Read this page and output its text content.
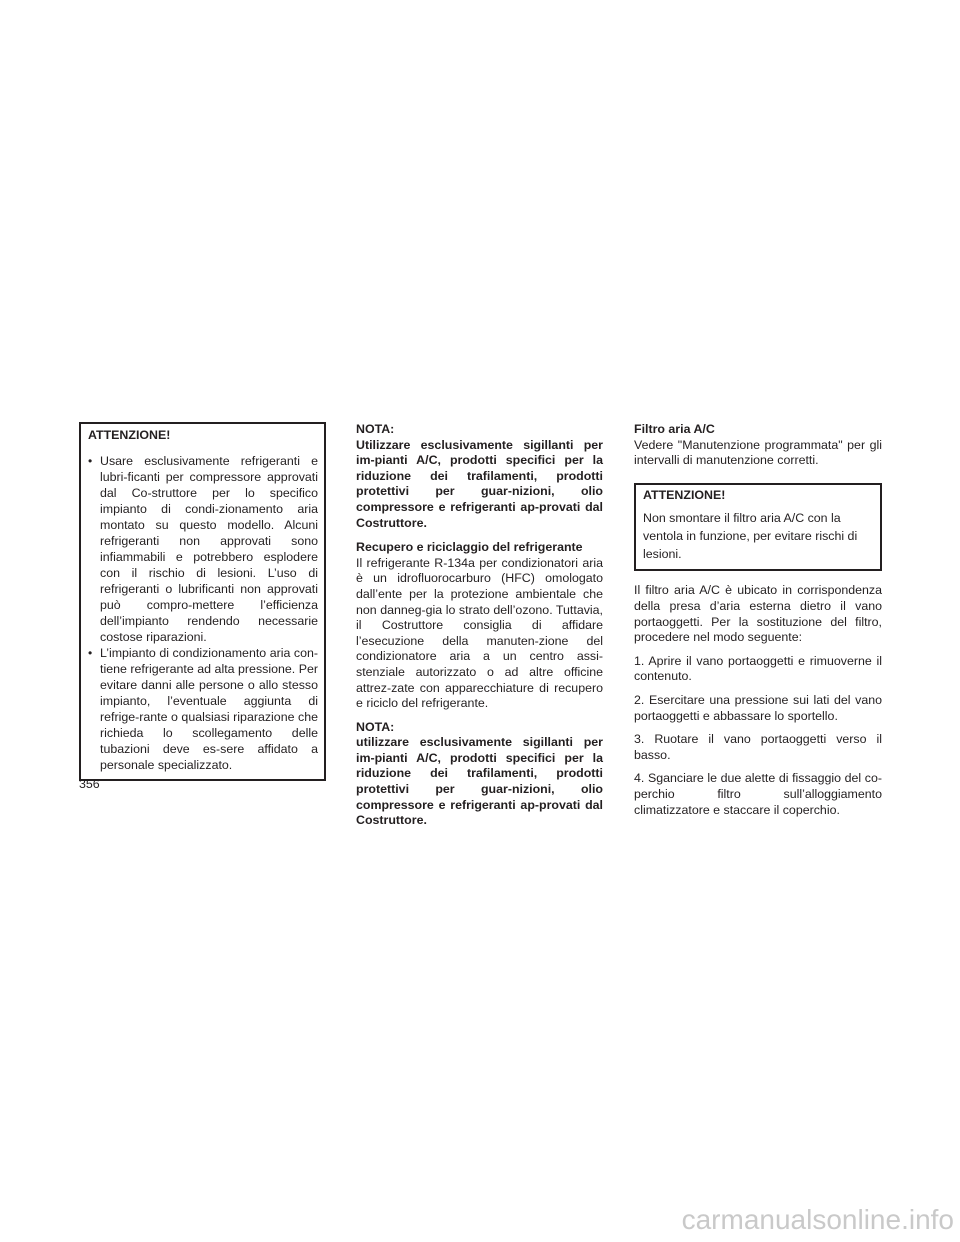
ATTENZIONE!

• Usare esclusivamente refrigeranti e lubri-ficanti per compressore approvati dal Co-struttore per lo specifico impianto di condi-zionamento aria montato su questo modello. Alcuni refrigeranti non approvati sono infiammabili e potrebbero esplodere con il rischio di lesioni. L’uso di refrigeranti o lubrificanti non approvati può compro-mettere l’efficienza dell’impianto rendendo necessarie costose riparazioni.
• L’impianto di condizionamento aria con-tiene refrigerante ad alta pressione. Per evitare danni alle persone o allo stesso impianto, l’eventuale aggiunta di refrige-rante o qualsiasi riparazione che richieda lo scollegamento delle tubazioni deve es-sere affidato a personale specializzato.

NOTA:

Utilizzare esclusivamente sigillanti per im-pianti A/C, prodotti specifici per la riduzione dei trafilamenti, prodotti protettivi per guar-nizioni, olio compressore e refrigeranti ap-provati dal Costruttore.

Recupero e riciclaggio del refrigerante

Il refrigerante R-134a per condizionatori aria è un idrofluorocarburo (HFC) omologato dall’ente per la protezione ambientale che non danneg-gia lo strato dell’ozono. Tuttavia, il Costruttore consiglia di affidare l’esecuzione della manuten-zione del condizionatore aria a un centro assi-stenziale autorizzato o ad altre officine attrez-zate con apparecchiature di recupero e riciclo del refrigerante.

NOTA:

utilizzare esclusivamente sigillanti per im-pianti A/C, prodotti specifici per la riduzione dei trafilamenti, prodotti protettivi per guar-nizioni, olio compressore e refrigeranti ap-provati dal Costruttore.

Filtro aria A/C

Vedere "Manutenzione programmata" per gli intervalli di manutenzione corretti.

ATTENZIONE!

Non smontare il filtro aria A/C con la ventola in funzione, per evitare rischi di lesioni.

Il filtro aria A/C è ubicato in corrispondenza della presa d’aria esterna dietro il vano portaoggetti. Per la sostituzione del filtro, procedere nel modo seguente:

1. Aprire il vano portaoggetti e rimuoverne il contenuto.

2. Esercitare una pressione sui lati del vano portaoggetti e abbassare lo sportello.

3. Ruotare il vano portaoggetti verso il basso.

4. Sganciare le due alette di fissaggio del co-perchio filtro sull’alloggiamento climatizzatore e staccare il coperchio.

356
carmanualsonline.info
